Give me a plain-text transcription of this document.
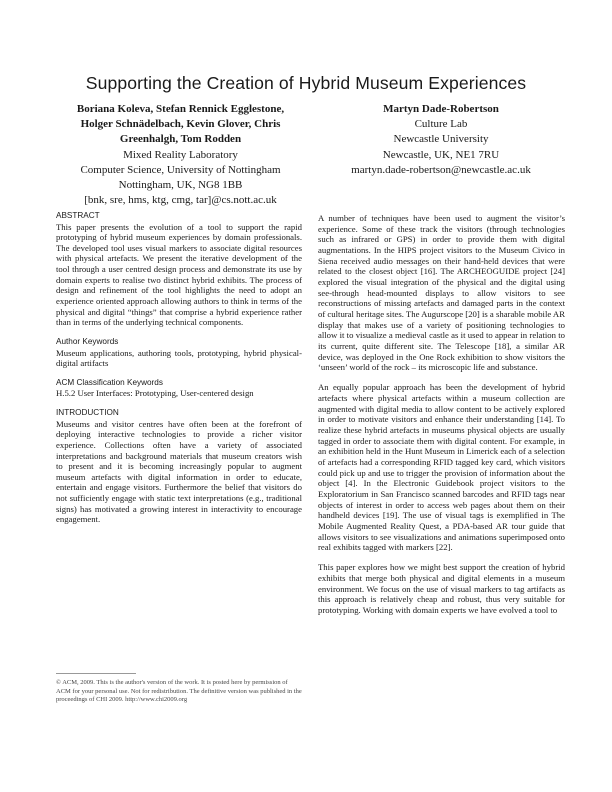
Supporting the Creation of Hybrid Museum Experiences
Boriana Koleva, Stefan Rennick Egglestone,
Holger Schnädelbach, Kevin Glover, Chris
Greenhalgh, Tom Rodden
Mixed Reality Laboratory
Computer Science, University of Nottingham
Nottingham, UK, NG8 1BB
[bnk, sre, hms, ktg, cmg, tar]@cs.nott.ac.uk
Martyn Dade-Robertson
Culture Lab
Newcastle University
Newcastle, UK, NE1 7RU
martyn.dade-robertson@newcastle.ac.uk
ABSTRACT

This paper presents the evolution of a tool to support the rapid prototyping of hybrid museum experiences by domain professionals. The developed tool uses visual markers to associate digital resources with physical artefacts. We present the iterative development of the tool through a user centred design process and demonstrate its use by domain experts to realise two distinct hybrid exhibits. The process of design and refinement of the tool highlights the need to adopt an experience oriented approach allowing authors to think in terms of the physical and digital “things” that comprise a hybrid experience rather than in terms of the underlying technical components.

Author Keywords

Museum applications, authoring tools, prototyping, hybrid physical-digital artifacts

ACM Classification Keywords

H.5.2 User Interfaces: Prototyping, User-centered design

INTRODUCTION

Museums and visitor centres have often been at the forefront of deploying interactive technologies to provide a richer visitor experience. Collections often have a variety of associated interpretations and background materials that museum creators wish to present and it is becoming increasingly popular to augment museum artefacts with digital information in order to educate, entertain and engage visitors. Furthermore the belief that visitors do not sufficiently engage with static text interpretations (e.g., traditional signs) has motivated a growing interest in interactivity to encourage engagement.

© ACM, 2009. This is the author's version of the work. It is posted here by permission of ACM for your personal use. Not for redistribution. The definitive version was published in the proceedings of CHI 2009. http://www.chi2009.org

A number of techniques have been used to augment the visitor’s experience. Some of these track the visitors (through technologies such as infrared or GPS) in order to provide them with digital augmentations. In the HIPS project visitors to the Museum Civico in Siena received audio messages on their hand-held devices that were related to the closest object [16]. The ARCHEOGUIDE project [24] explored the visual integration of the physical and the digital using see-through head-mounted displays to allow visitors to see reconstructions of missing artefacts and damaged parts in the context of cultural heritage sites. The Augurscope [20] is a sharable mobile AR display that makes use of a variety of positioning technologies to allow it to visualize a medieval castle as it used to appear in relation to its current, quite different site. The Telescope [18], a similar AR device, was deployed in the One Rock exhibition to show visitors the ‘unseen’ world of the rock – its microscopic life and substance.

An equally popular approach has been the development of hybrid artefacts where physical artefacts within a museum collection are augmented with digital media to allow content to be actively explored in order to motivate visitors and enhance their understanding [14]. To realize these hybrid artefacts in museums physical objects are usually tagged in order to associate them with digital content. For example, in an exhibition held in the Hunt Museum in Limerick each of a selection of artefacts had a corresponding RFID tagged key card, which visitors could pick up and use to trigger the provision of information about the object [4]. In the Electronic Guidebook project visitors to the Exploratorium in San Francisco scanned barcodes and RFID tags near objects of interest in order to access web pages about them on their handheld devices [19]. The use of visual tags is exemplified in The Mobile Augmented Reality Quest, a PDA-based AR tour guide that allows visitors to see visualizations and animations superimposed onto real exhibits tagged with markers [22].

This paper explores how we might best support the creation of hybrid exhibits that merge both physical and digital elements in a museum environment. We focus on the use of visual markers to tag artifacts as this approach is relatively cheap and robust, thus very suitable for prototyping. Working with domain experts we have evolved a tool to
